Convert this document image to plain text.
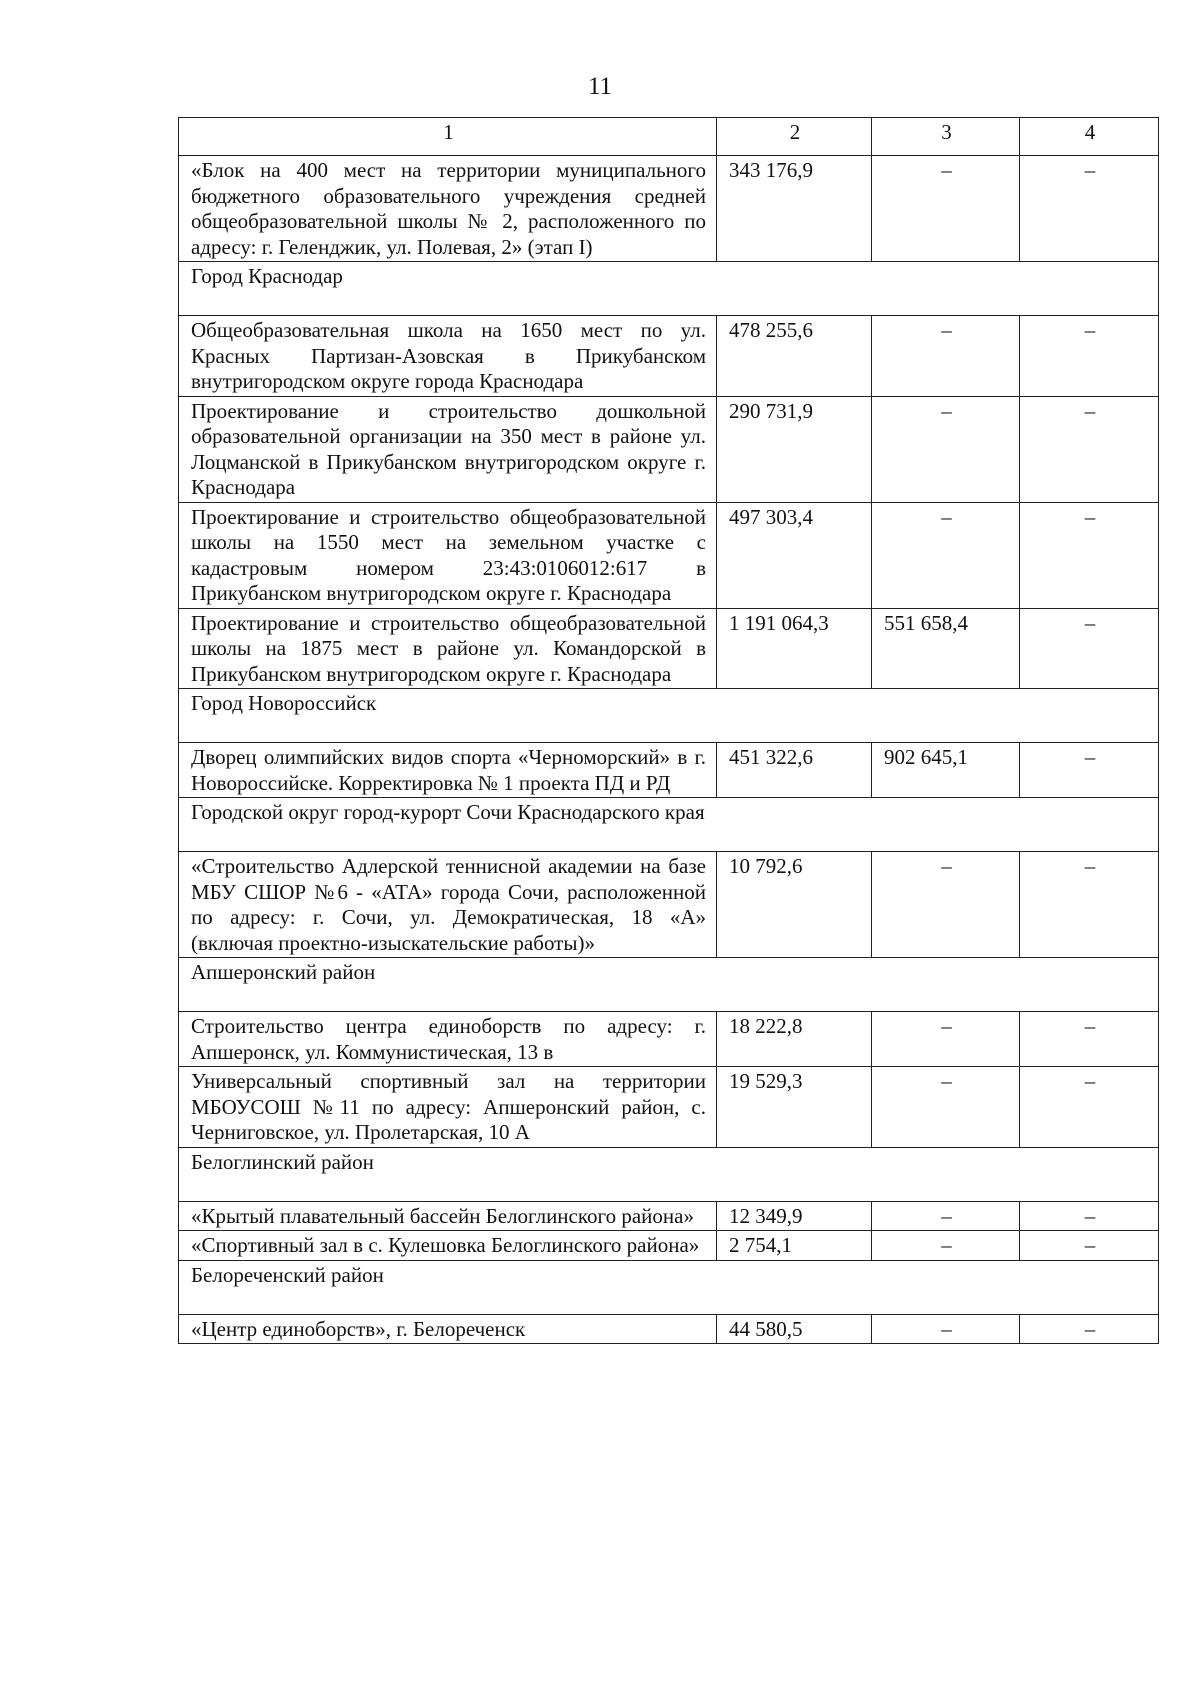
11
1	2	3	4
«Блок на 400 мест на территории муниципального бюджетного образовательного учреждения средней общеобразовательной школы № 2, расположенного по адресу: г. Геленджик, ул. Полевая, 2» (этап I)	343 176,9	–	–
Город Краснодар			
Общеобразовательная школа на 1650 мест по ул. Красных Партизан-Азовская в Прикубанском внутригородском округе города Краснодара	478 255,6	–	–
Проектирование и строительство дошкольной образовательной организации на 350 мест в районе ул. Лоцманской в Прикубанском внутригородском округе г. Краснодара	290 731,9	–	–
Проектирование и строительство общеобразовательной школы на 1550 мест на земельном участке с кадастровым номером 23:43:0106012:617 в Прикубанском внутригородском округе г. Краснодара	497 303,4	–	–
Проектирование и строительство общеобразовательной школы на 1875 мест в районе ул. Командорской в Прикубанском внутригородском округе г. Краснодара	1 191 064,3	551 658,4	–
Город Новороссийск			
Дворец олимпийских видов спорта «Черноморский» в г. Новороссийске. Корректировка № 1 проекта ПД и РД	451 322,6	902 645,1	–
Городской округ город-курорт Сочи Краснодарского края			
«Строительство Адлерской теннисной академии на базе МБУ СШОР №6 - «АТА» города Сочи, расположенной по адресу: г. Сочи, ул. Демократическая, 18 «А» (включая проектно-изыскательские работы)»	10 792,6	–	–
Апшеронский район			
Строительство центра единоборств по адресу: г. Апшеронск, ул. Коммунистическая, 13 в	18 222,8	–	–
Универсальный спортивный зал на территории МБОУСОШ №11 по адресу: Апшеронский район, с. Черниговское, ул. Пролетарская, 10 А	19 529,3	–	–
Белоглинский район			
«Крытый плавательный бассейн Белоглинского района»	12 349,9	–	–
«Спортивный зал в с. Кулешовка Белоглинского района»	2 754,1	–	–
Белореченский район			
«Центр единоборств», г. Белореченск	44 580,5	–	–
